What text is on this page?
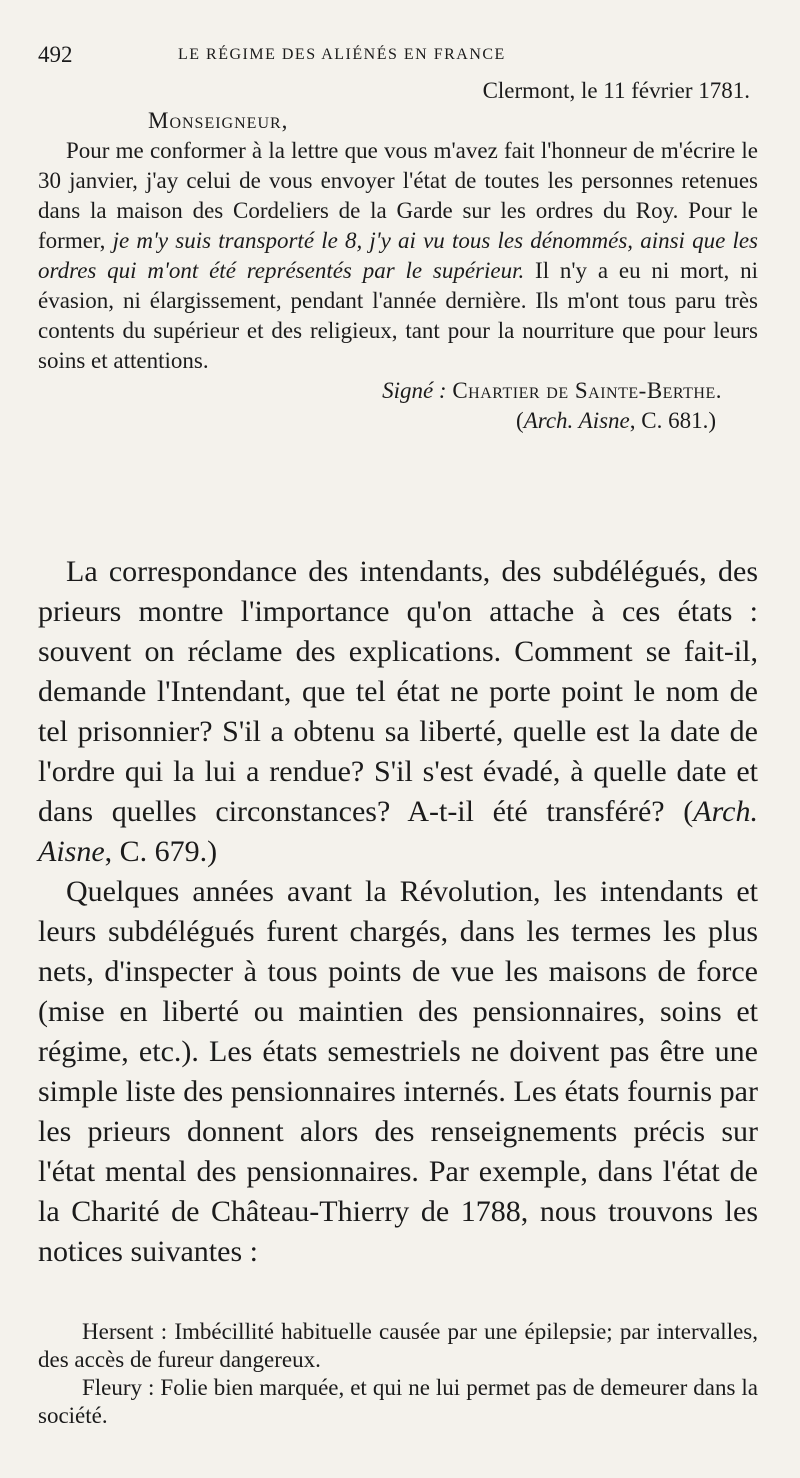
492	LE RÉGIME DES ALIÉNÉS EN FRANCE
Clermont, le 11 février 1781.
Monseigneur,

Pour me conformer à la lettre que vous m'avez fait l'honneur de m'écrire le 30 janvier, j'ay celui de vous envoyer l'état de toutes les personnes retenues dans la maison des Cordeliers de la Garde sur les ordres du Roy. Pour le former, je m'y suis transporté le 8, j'y ai vu tous les dénommés, ainsi que les ordres qui m'ont été représentés par le supérieur. Il n'y a eu ni mort, ni évasion, ni élargissement, pendant l'année dernière. Ils m'ont tous paru très contents du supérieur et des religieux, tant pour la nourriture que pour leurs soins et attentions.

Signé : Chartier de Sainte-Berthe.
(Arch. Aisne, C. 681.)

La correspondance des intendants, des subdélégués, des prieurs montre l'importance qu'on attache à ces états : souvent on réclame des explications. Comment se fait-il, demande l'Intendant, que tel état ne porte point le nom de tel prisonnier? S'il a obtenu sa liberté, quelle est la date de l'ordre qui la lui a rendue? S'il s'est évadé, à quelle date et dans quelles circonstances? A-t-il été transféré? (Arch. Aisne, C. 679.)

Quelques années avant la Révolution, les intendants et leurs subdélégués furent chargés, dans les termes les plus nets, d'inspecter à tous points de vue les maisons de force (mise en liberté ou maintien des pensionnaires, soins et régime, etc.). Les états semestriels ne doivent pas être une simple liste des pensionnaires internés. Les états fournis par les prieurs donnent alors des renseignements précis sur l'état mental des pensionnaires. Par exemple, dans l'état de la Charité de Château-Thierry de 1788, nous trouvons les notices suivantes :

Hersent : Imbécillité habituelle causée par une épilepsie; par intervalles, des accès de fureur dangereux.

Fleury : Folie bien marquée, et qui ne lui permet pas de demeurer dans la société.
